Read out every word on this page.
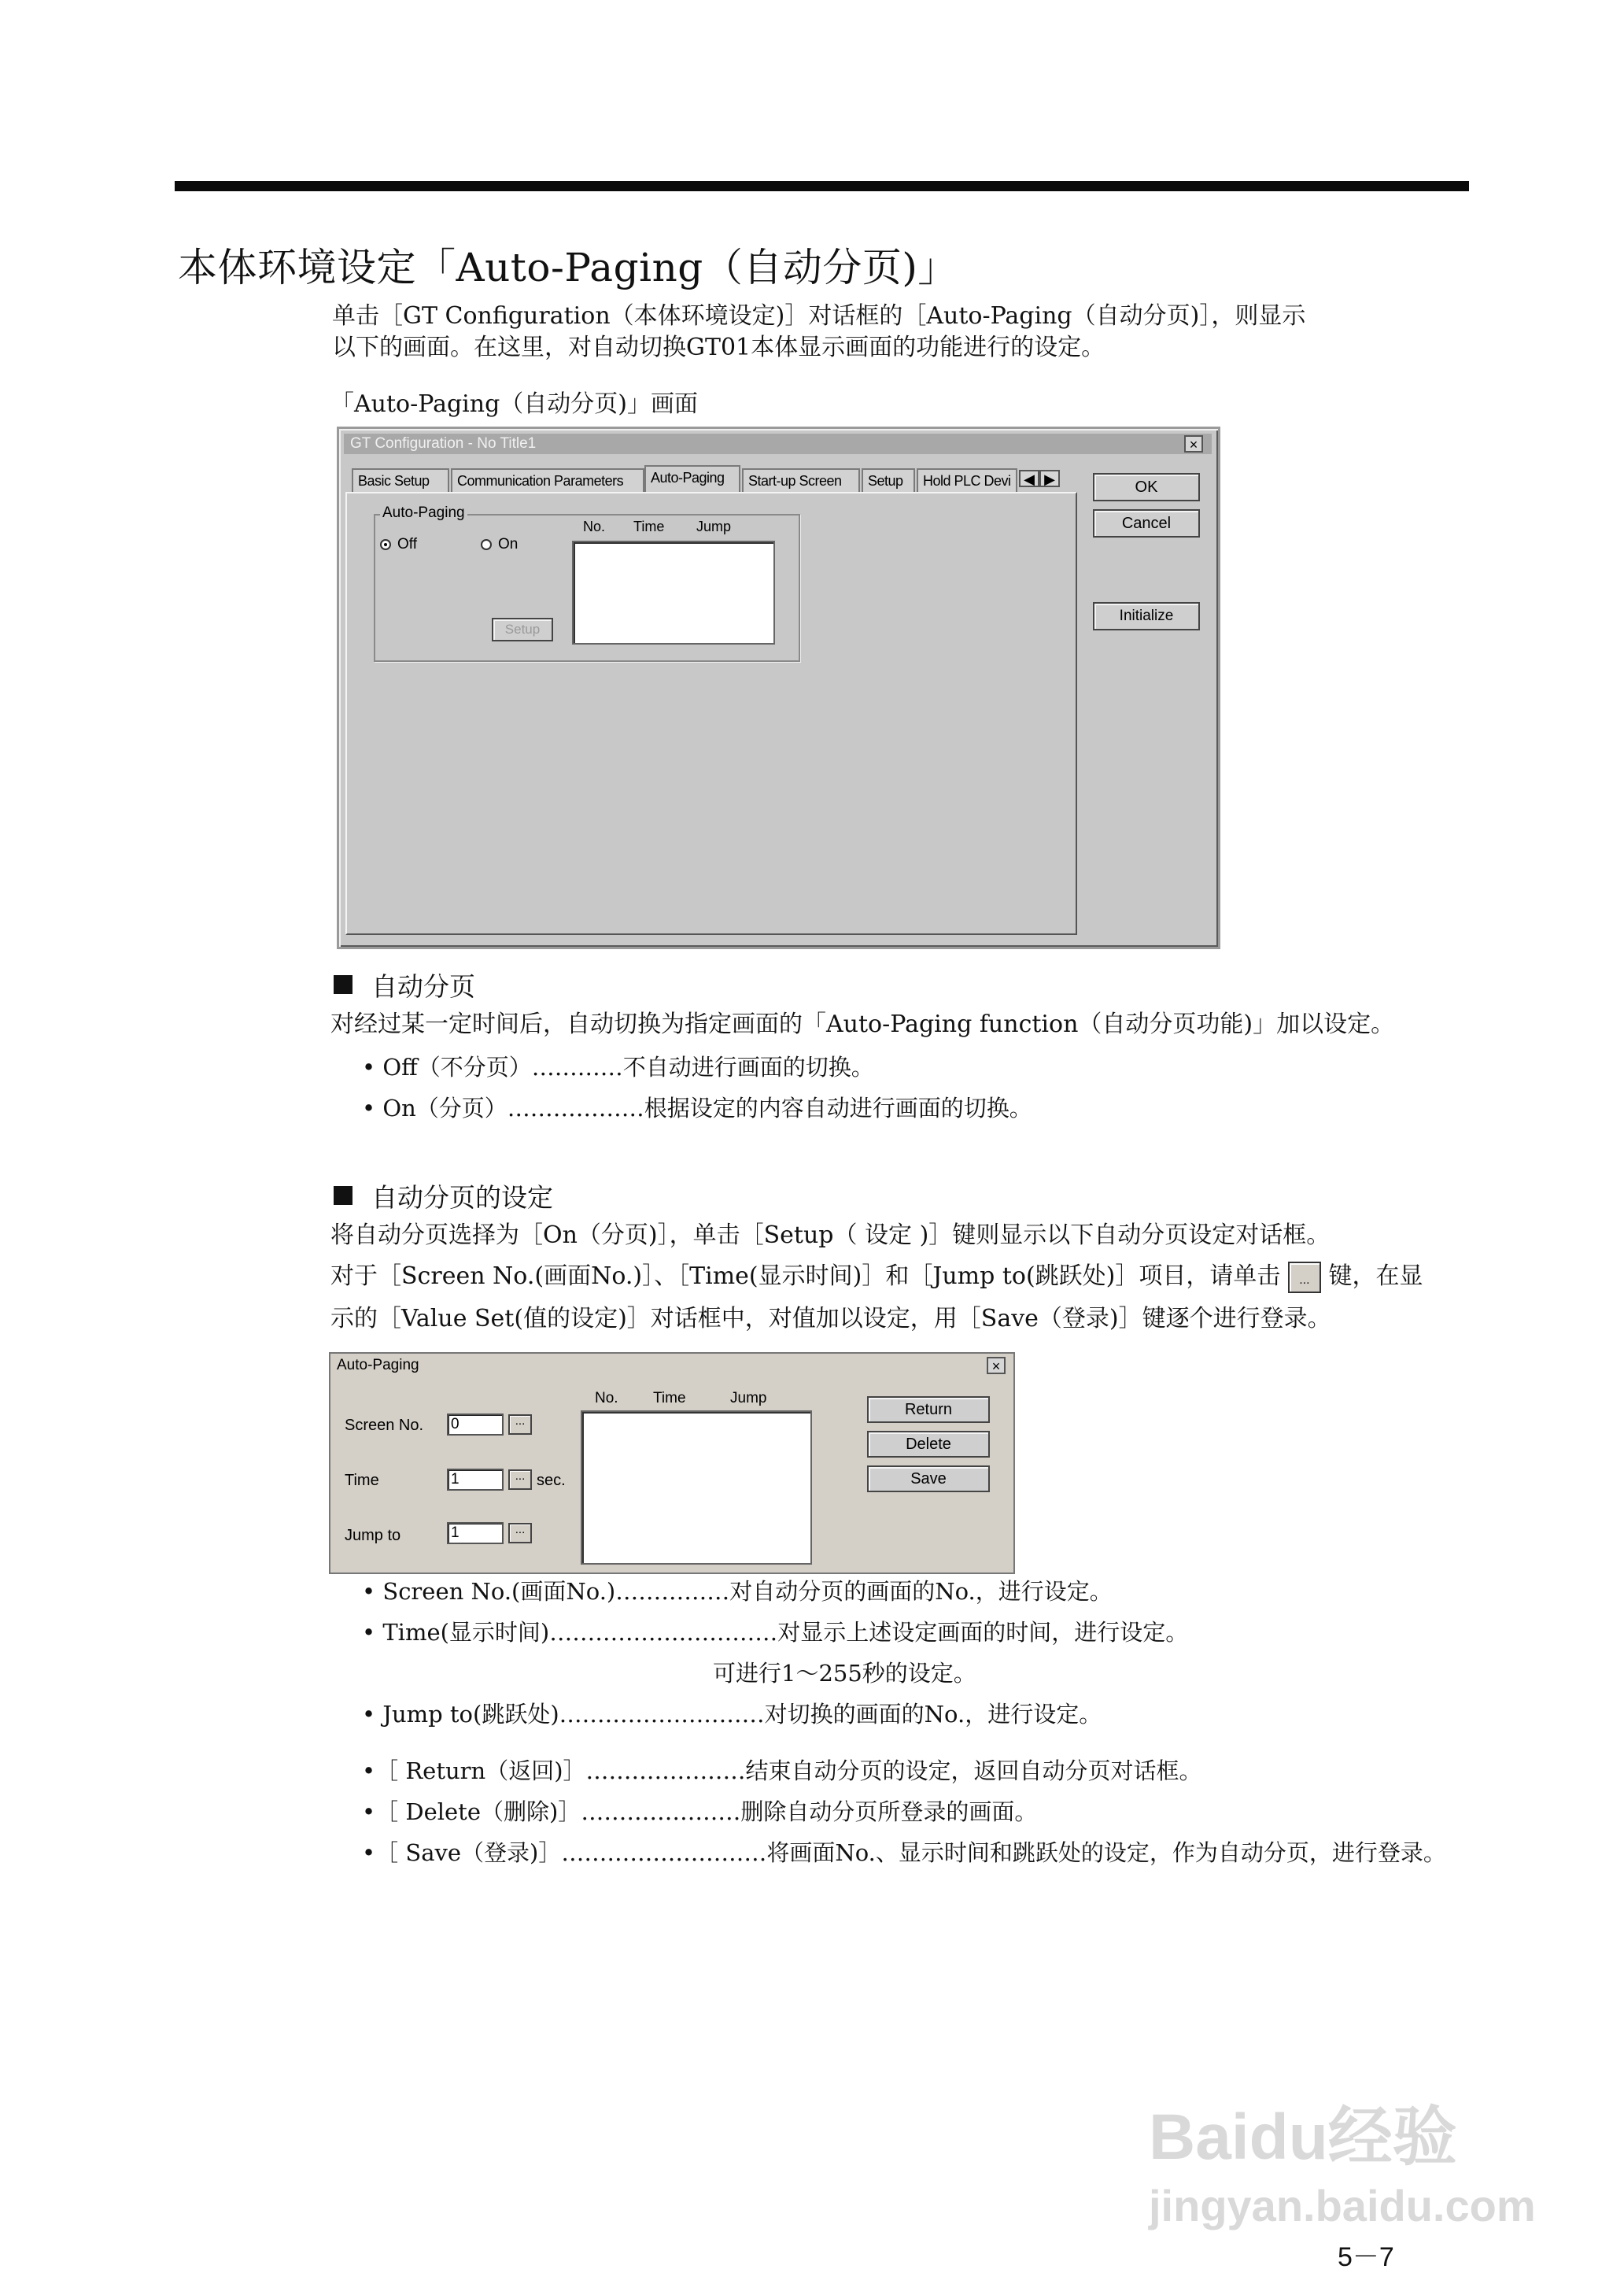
本体环境设定「Auto-Paging（自动分页)」
单击［GT Configuration（本体环境设定)］对话框的［Auto-Paging（自动分页)］，则显示
以下的画面。在这里，对自动切换GT01本体显示画面的功能进行的设定。
「Auto-Paging（自动分页)」画面
GT Configuration - No Title1	×
Basic Setup	Communication Parameters	Auto-Paging	Start-up Screen	Setup	Hold PLC Devi ◀ ▶
Auto-Paging
Off	On
Setup
No. Time Jump
OK
Cancel
Initialize
自动分页
对经过某一定时间后，自动切换为指定画面的「Auto-Paging function（自动分页功能)」加以设定。
• Off（不分页）…………不自动进行画面的切换。
• On（分页）………………根据设定的内容自动进行画面的切换。
自动分页的设定
将自动分页选择为［On（分页)］，单击［Setup（ 设定 )］键则显示以下自动分页设定对话框。
对于［Screen No.(画面No.)］、［Time(显示时间)］和［Jump to(跳跃处)］项目，请单击 ... 键，在显
示的［Value Set(值的设定)］对话框中，对值加以设定，用［Save（登录)］键逐个进行登录。
Auto-Paging	×
Screen No. 0	...
Time	1	... sec.
Jump to	1	...
No. Time	Jump
Return
Delete
Save
• Screen No.(画面No.)……………对自动分页的画面的No.，进行设定。
• Time(显示时间)…………………………对显示上述设定画面的时间，进行设定。
可进行1～255秒的设定。
• Jump to(跳跃处)………………………对切换的画面的No.，进行设定。
•［ Return（返回)］…………………结束自动分页的设定，返回自动分页对话框。
•［ Delete（删除)］…………………删除自动分页所登录的画面。
•［ Save（登录)］………………………将画面No.、显示时间和跳跃处的设定，作为自动分页，进行登录。
Baidu经验
jingyan.baidu.com
5－7
